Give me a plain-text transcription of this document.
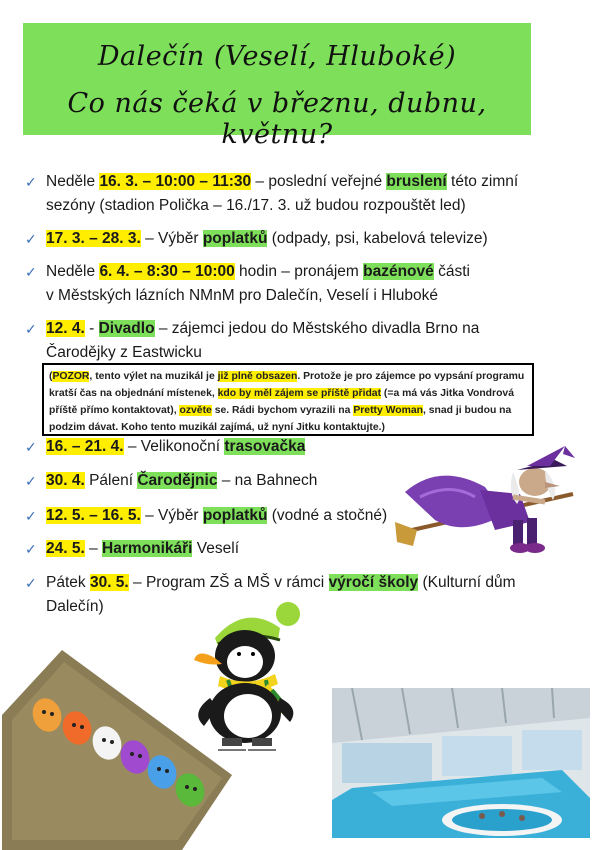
Dalečín (Veselí, Hluboké)
Co nás čeká v březnu, dubnu, květnu?
✓ Neděle 16. 3. – 10:00 – 11:30 – poslední veřejné bruslení této zimní sezóny (stadion Polička – 16./17. 3. už budou rozpouštět led)
✓ 17. 3. – 28. 3. – Výběr poplatků (odpady, psi, kabelová televize)
✓ Neděle 6. 4. – 8:30 – 10:00 hodin – pronájem bazénové části
v Městských lázních NMnM pro Dalečín, Veselí i Hluboké
✓ 12. 4. - Divadlo – zájemci jedou do Městského divadla Brno na Čarodějky z Eastwicku
✓ 16. – 21. 4. – Velikonoční trasovačka
✓ 30. 4. Pálení Čarodějnic – na Bahnech
✓ 12. 5. – 16. 5. – Výběr poplatků (vodné a stočné)
✓ 24. 5. – Harmonikáři Veselí
✓ Pátek 30. 5. – Program ZŠ a MŠ v rámci výročí školy (Kulturní dům Dalečín)
(POZOR, tento výlet na muzikál je již plně obsazen. Protože je pro zájemce po vypsání programu kratší čas na objednání místenek, kdo by měl zájem se příště přidat (=a má vás Jitka Vondrová příště přímo kontaktovat), ozvěte se. Rádi bychom vyrazili na Pretty Woman, snad ji budou na podzim dávat. Koho tento muzikál zajímá, už nyní Jitku kontaktujte.)
